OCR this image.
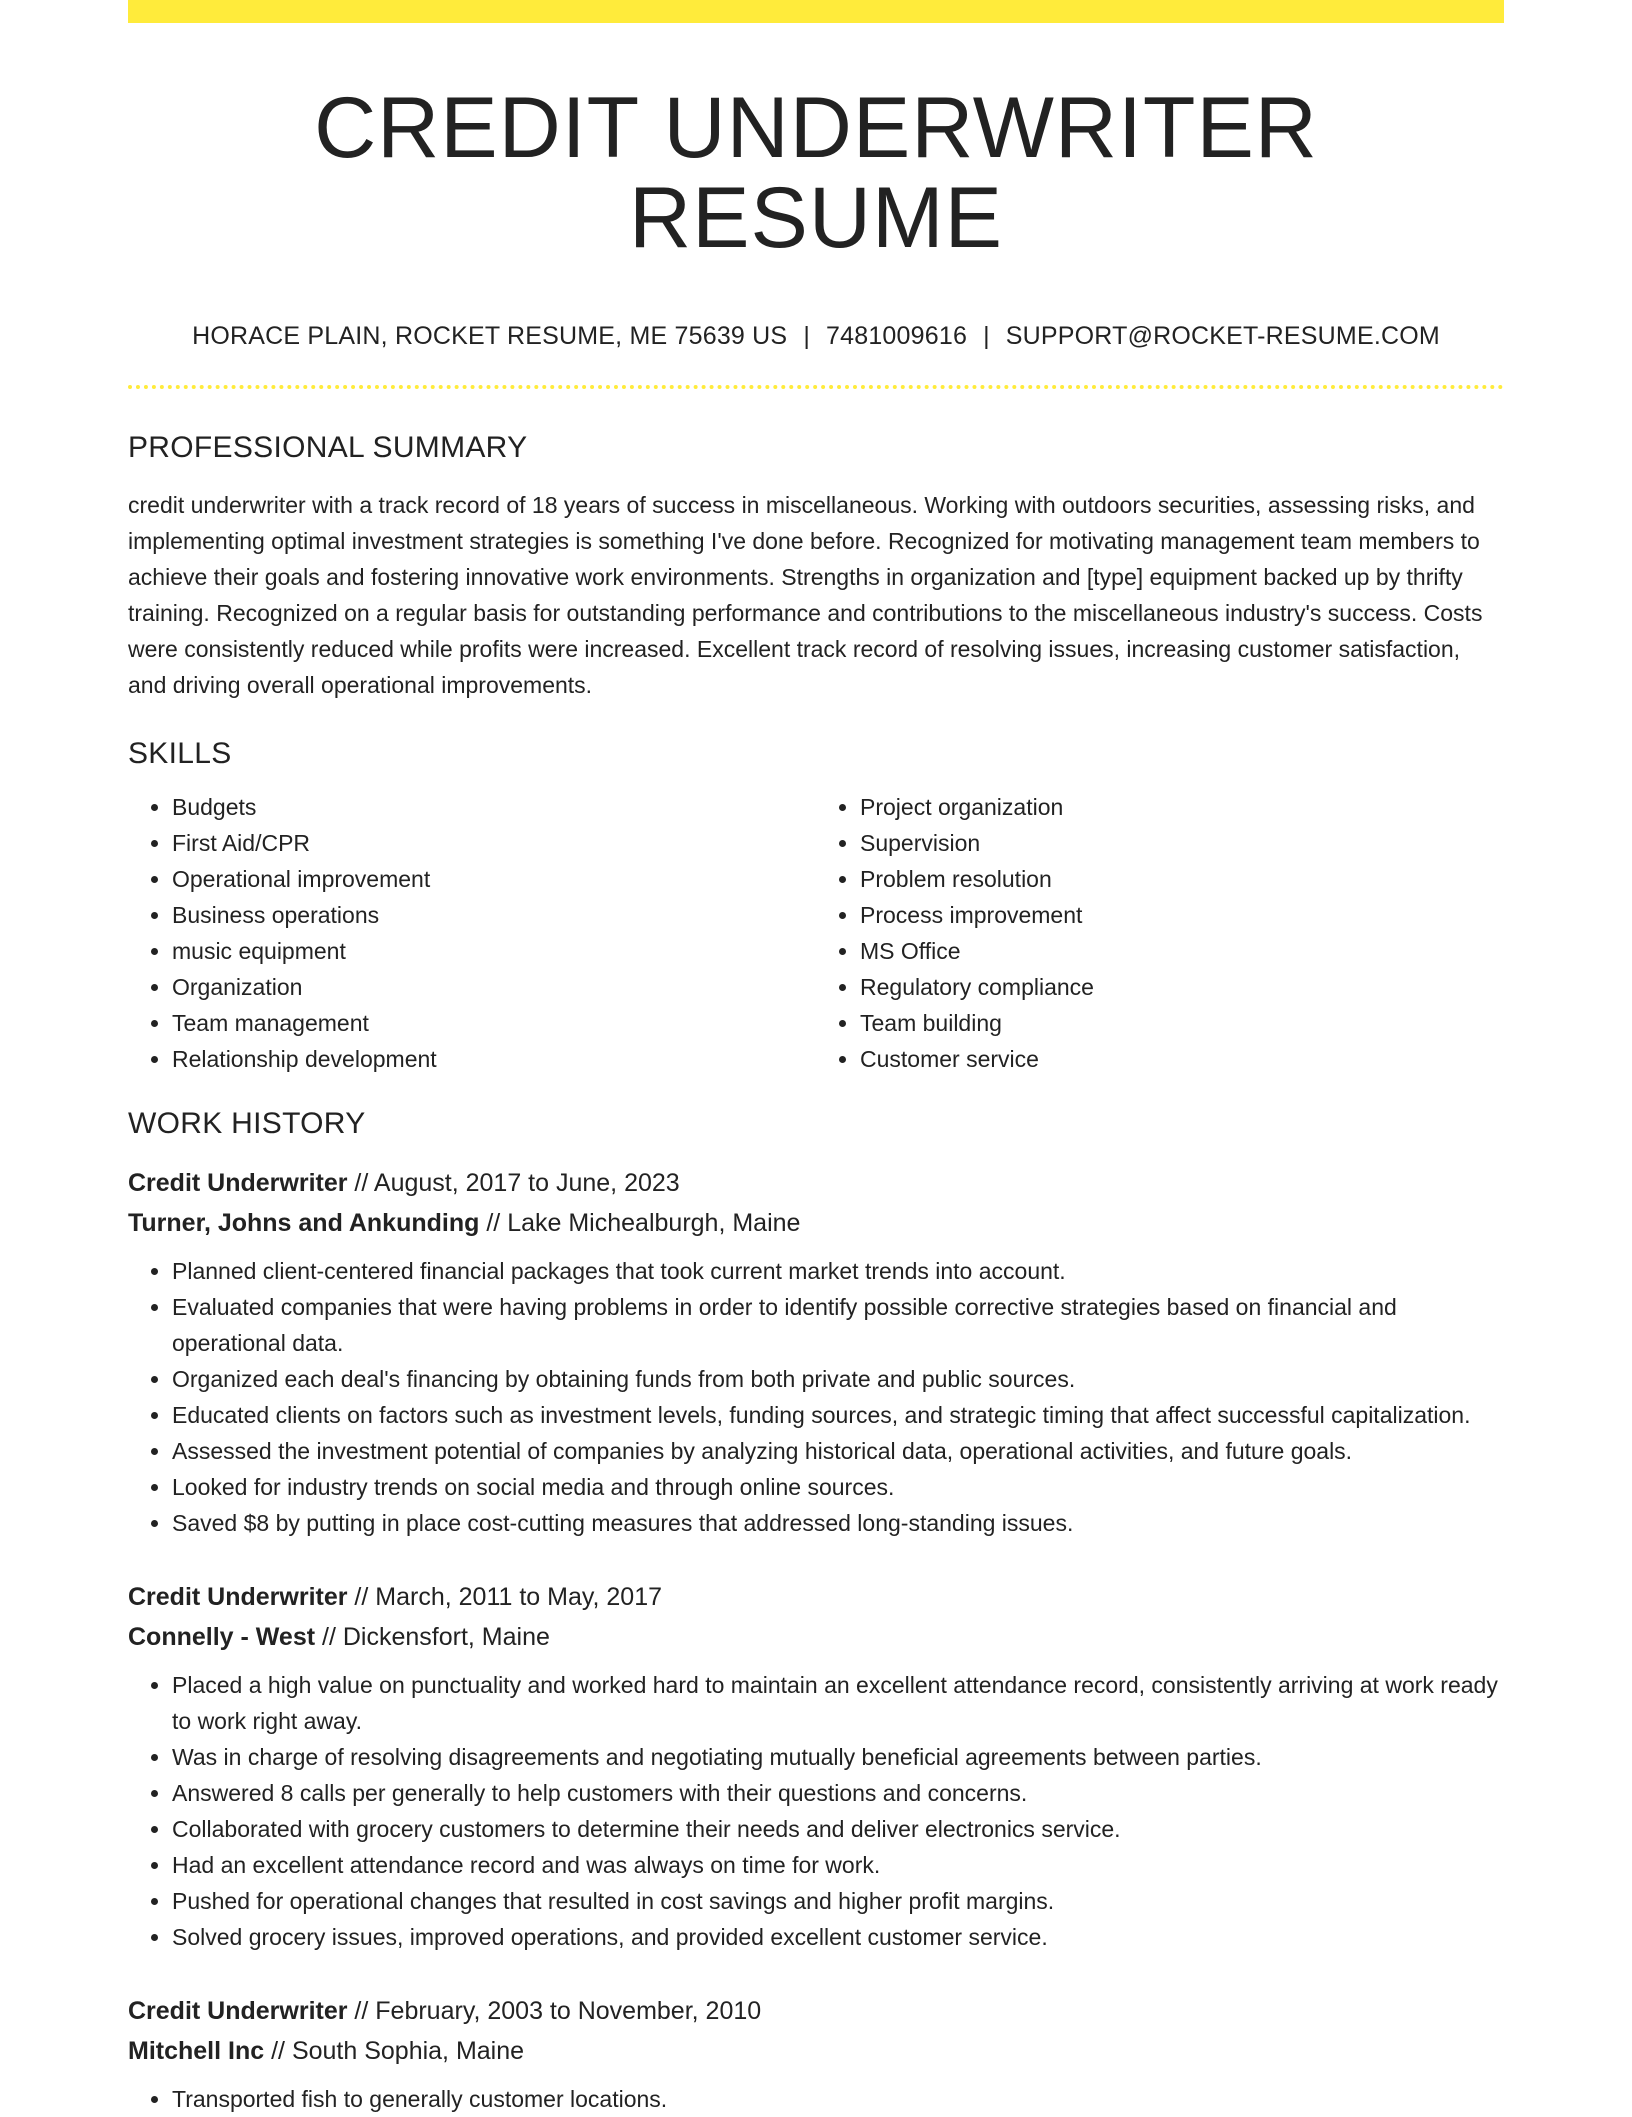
CREDIT UNDERWRITER RESUME
HORACE PLAIN, ROCKET RESUME, ME 75639 US | 7481009616 | SUPPORT@ROCKET-RESUME.COM
PROFESSIONAL SUMMARY

credit underwriter with a track record of 18 years of success in miscellaneous. Working with outdoors securities, assessing risks, and implementing optimal investment strategies is something I've done before. Recognized for motivating management team members to achieve their goals and fostering innovative work environments. Strengths in organization and [type] equipment backed up by thrifty training. Recognized on a regular basis for outstanding performance and contributions to the miscellaneous industry's success. Costs were consistently reduced while profits were increased. Excellent track record of resolving issues, increasing customer satisfaction, and driving overall operational improvements.

SKILLS
• Budgets
• First Aid/CPR
• Operational improvement
• Business operations
• music equipment
• Organization
• Team management
• Relationship development
• Project organization
• Supervision
• Problem resolution
• Process improvement
• MS Office
• Regulatory compliance
• Team building
• Customer service
WORK HISTORY
Credit Underwriter // August, 2017 to June, 2023
Turner, Johns and Ankunding // Lake Michealburgh, Maine
• Planned client-centered financial packages that took current market trends into account.
• Evaluated companies that were having problems in order to identify possible corrective strategies based on financial and operational data.
• Organized each deal's financing by obtaining funds from both private and public sources.
• Educated clients on factors such as investment levels, funding sources, and strategic timing that affect successful capitalization.
• Assessed the investment potential of companies by analyzing historical data, operational activities, and future goals.
• Looked for industry trends on social media and through online sources.
• Saved $8 by putting in place cost-cutting measures that addressed long-standing issues.
Credit Underwriter // March, 2011 to May, 2017
Connelly - West // Dickensfort, Maine
• Placed a high value on punctuality and worked hard to maintain an excellent attendance record, consistently arriving at work ready to work right away.
• Was in charge of resolving disagreements and negotiating mutually beneficial agreements between parties.
• Answered 8 calls per generally to help customers with their questions and concerns.
• Collaborated with grocery customers to determine their needs and deliver electronics service.
• Had an excellent attendance record and was always on time for work.
• Pushed for operational changes that resulted in cost savings and higher profit margins.
• Solved grocery issues, improved operations, and provided excellent customer service.
Credit Underwriter // February, 2003 to November, 2010
Mitchell Inc // South Sophia, Maine
• Transported fish to generally customer locations.
